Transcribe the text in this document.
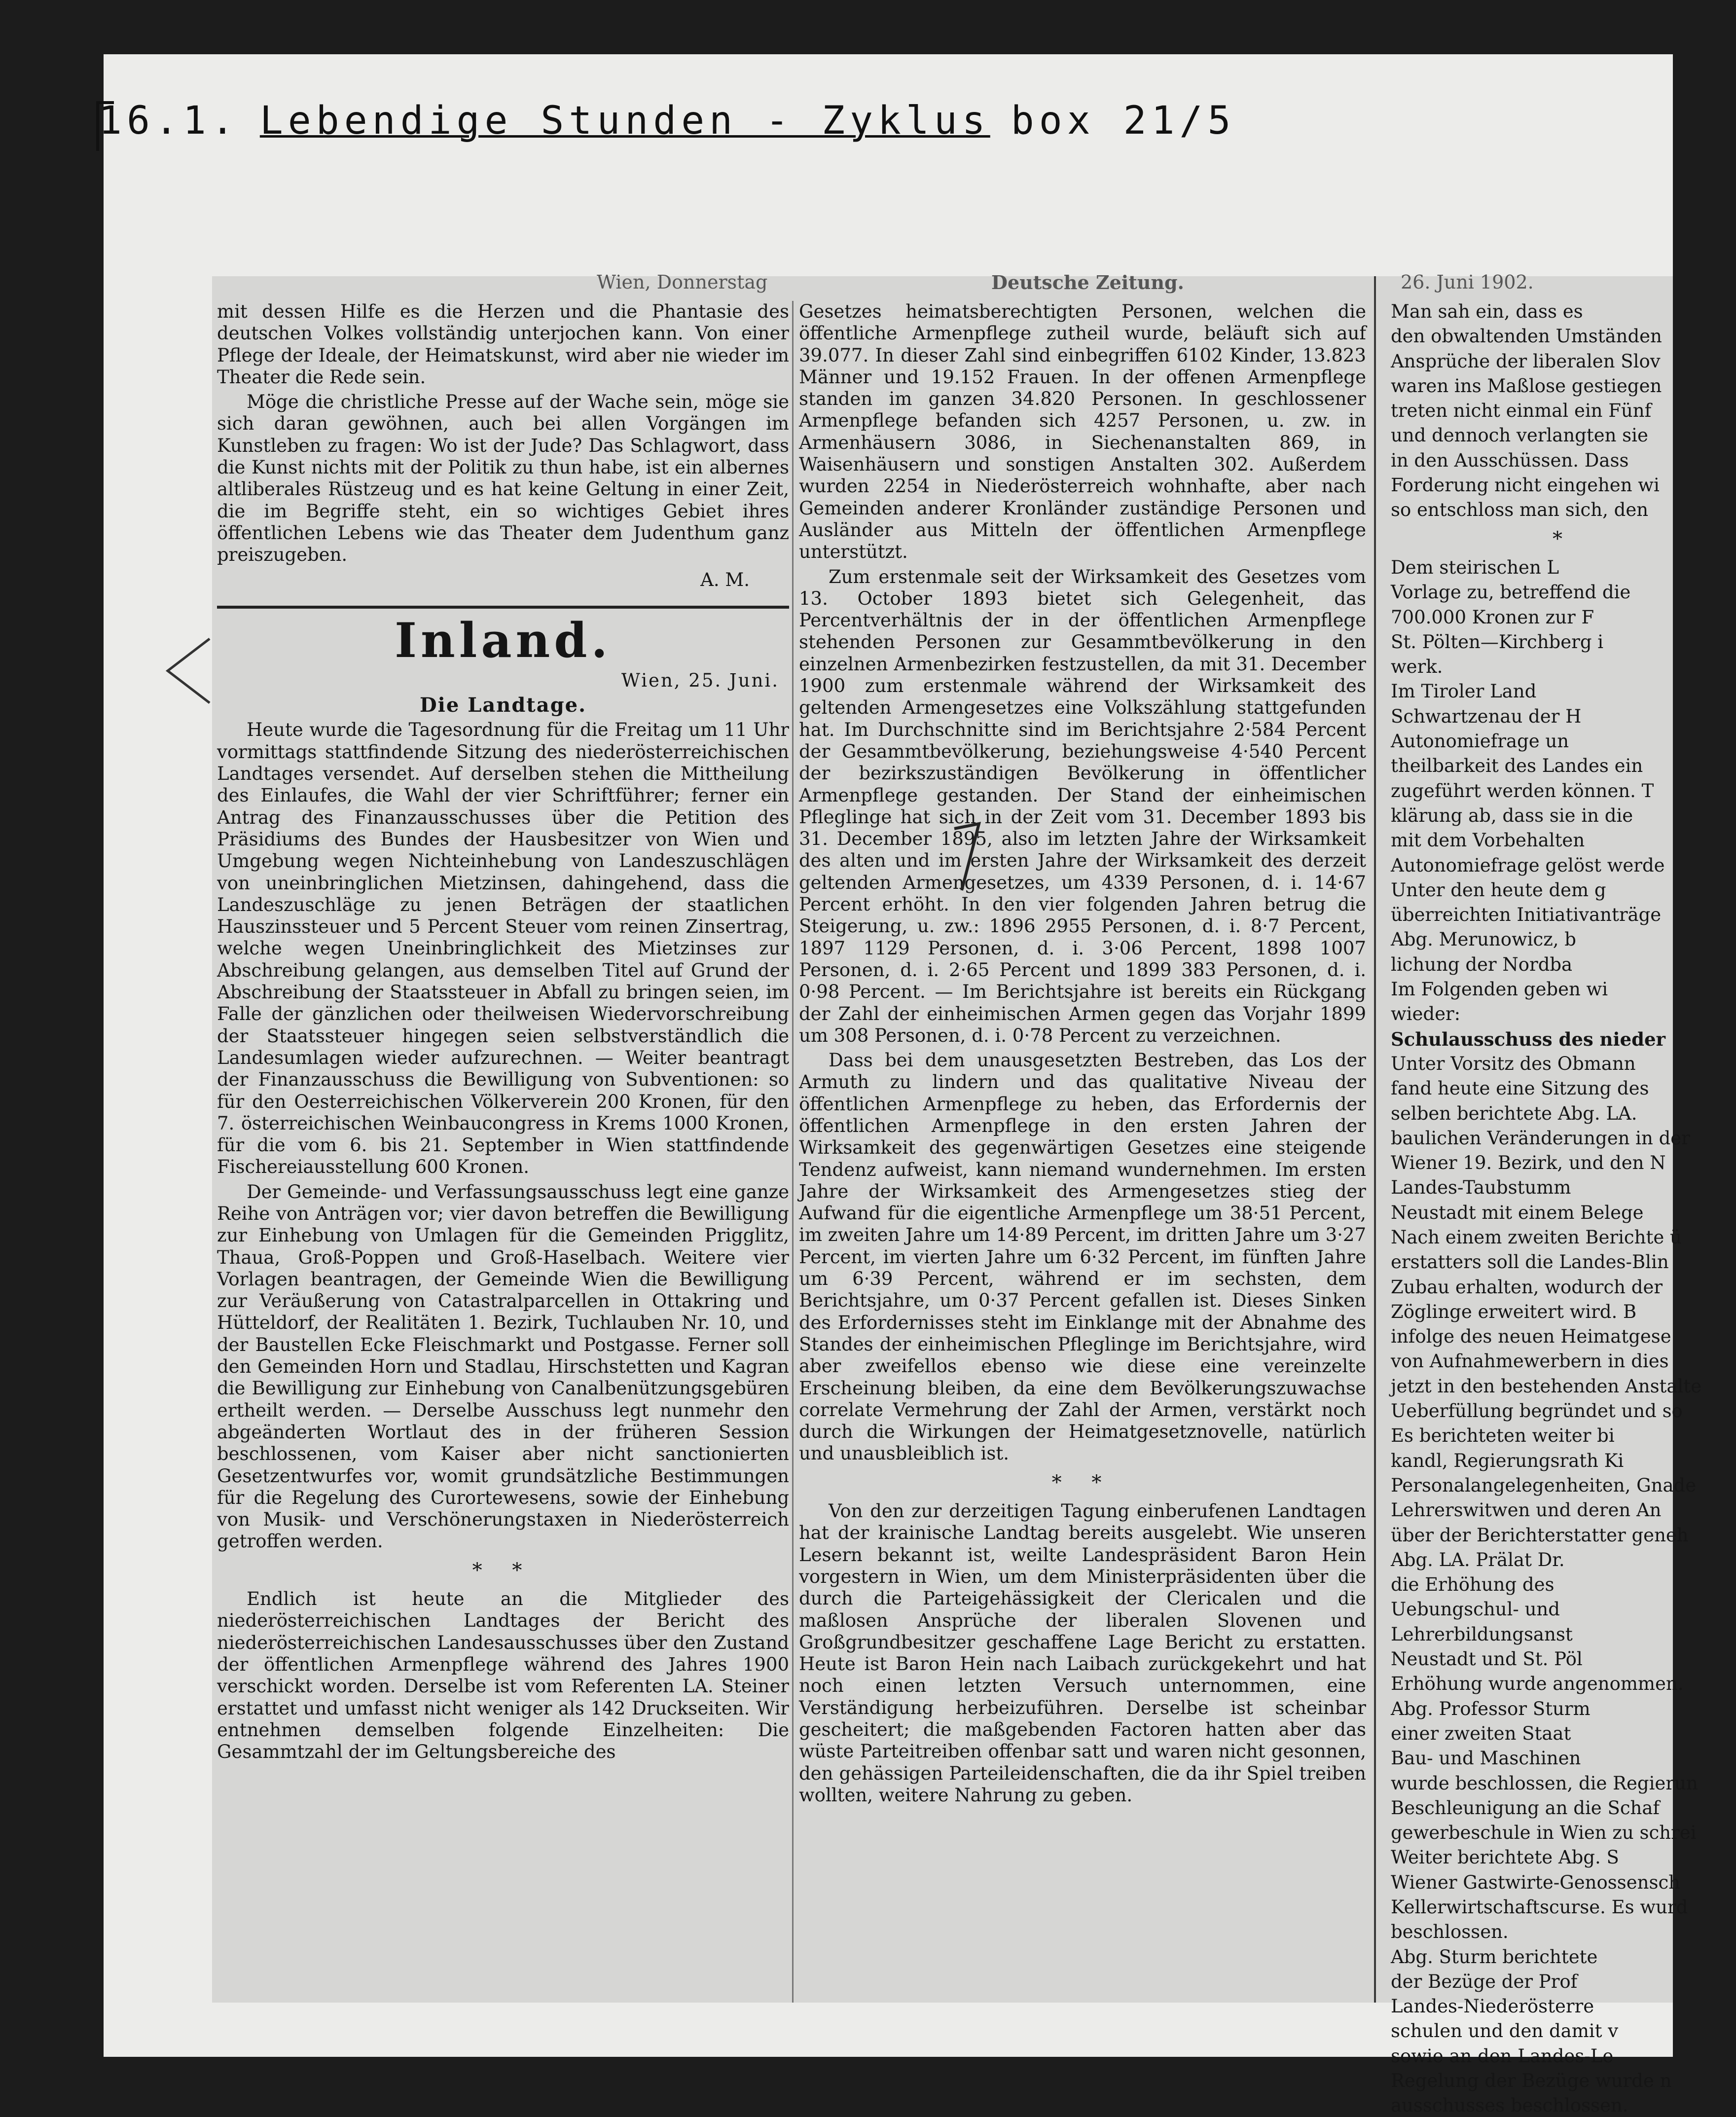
16.1. Lebendige Stunden - Zyklus box 21/5
Wien, Donnerstag	Deutsche Zeitung.	26. Juni 1902.

mit dessen Hilfe es die Herzen und die Phantasie des deutschen Volkes vollständig unterjochen kann. Von einer Pflege der Ideale, der Heimatskunst, wird aber nie wieder im Theater die Rede sein.

Möge die christliche Presse auf der Wache sein, möge sie sich daran gewöhnen, auch bei allen Vorgängen im Kunstleben zu fragen: Wo ist der Jude? Das Schlagwort, dass die Kunst nichts mit der Politik zu thun habe, ist ein albernes altliberales Rüstzeug und es hat keine Geltung in einer Zeit, die im Begriffe steht, ein so wichtiges Gebiet ihres öffentlichen Lebens wie das Theater dem Judenthum ganz preiszugeben.

A. M.

Inland.

Wien, 25. Juni.

Die Landtage.

Heute wurde die Tagesordnung für die Freitag um 11 Uhr vormittags stattfindende Sitzung des niederösterreichischen Landtages versendet. Auf derselben stehen die Mittheilung des Einlaufes, die Wahl der vier Schriftführer; ferner ein Antrag des Finanzausschusses über die Petition des Präsidiums des Bundes der Hausbesitzer von Wien und Umgebung wegen Nichteinhebung von Landeszuschlägen von uneinbringlichen Mietzinsen, dahingehend, dass die Landeszuschläge zu jenen Beträgen der staatlichen Hauszinssteuer und 5 Percent Steuer vom reinen Zinsertrag, welche wegen Uneinbringlichkeit des Mietzinses zur Abschreibung gelangen, aus demselben Titel auf Grund der Abschreibung der Staatssteuer in Abfall zu bringen seien, im Falle der gänzlichen oder theilweisen Wiedervorschreibung der Staatssteuer hingegen seien selbstverständlich die Landesumlagen wieder aufzurechnen. — Weiter beantragt der Finanzausschuss die Bewilligung von Subventionen: so für den Oesterreichischen Völkerverein 200 Kronen, für den 7. österreichischen Weinbaucongress in Krems 1000 Kronen, für die vom 6. bis 21. September in Wien stattfindende Fischereiausstellung 600 Kronen.

Der Gemeinde- und Verfassungsausschuss legt eine ganze Reihe von Anträgen vor; vier davon betreffen die Bewilligung zur Einhebung von Umlagen für die Gemeinden Prigglitz, Thaua, Groß-Poppen und Groß-Haselbach. Weitere vier Vorlagen beantragen, der Gemeinde Wien die Bewilligung zur Veräußerung von Catastralparcellen in Ottakring und Hütteldorf, der Realitäten 1. Bezirk, Tuchlauben Nr. 10, und der Baustellen Ecke Fleischmarkt und Postgasse. Ferner soll den Gemeinden Horn und Stadlau, Hirschstetten und Kagran die Bewilligung zur Einhebung von Canalbenützungsgebüren ertheilt werden. — Derselbe Ausschuss legt nunmehr den abgeänderten Wortlaut des in der früheren Session beschlossenen, vom Kaiser aber nicht sanctionierten Gesetzentwurfes vor, womit grundsätzliche Bestimmungen für die Regelung des Curortewesens, sowie der Einhebung von Musik- und Verschönerungstaxen in Niederösterreich getroffen werden.

* *

Endlich ist heute an die Mitglieder des niederösterreichischen Landtages der Bericht des niederösterreichischen Landesausschusses über den Zustand der öffentlichen Armenpflege während des Jahres 1900 verschickt worden. Derselbe ist vom Referenten LA. Steiner erstattet und umfasst nicht weniger als 142 Druckseiten. Wir entnehmen demselben folgende Einzelheiten: Die Gesammtzahl der im Geltungsbereiche des

Gesetzes heimatsberechtigten Personen, welchen die öffentliche Armenpflege zutheil wurde, beläuft sich auf 39.077. In dieser Zahl sind einbegriffen 6102 Kinder, 13.823 Männer und 19.152 Frauen. In der offenen Armenpflege standen im ganzen 34.820 Personen. In geschlossener Armenpflege befanden sich 4257 Personen, u. zw. in Armenhäusern 3086, in Siechenanstalten 869, in Waisenhäusern und sonstigen Anstalten 302. Außerdem wurden 2254 in Niederösterreich wohnhafte, aber nach Gemeinden anderer Kronländer zuständige Personen und Ausländer aus Mitteln der öffentlichen Armenpflege unterstützt.

Zum erstenmale seit der Wirksamkeit des Gesetzes vom 13. October 1893 bietet sich Gelegenheit, das Percentverhältnis der in der öffentlichen Armenpflege stehenden Personen zur Gesammtbevölkerung in den einzelnen Armenbezirken festzustellen, da mit 31. December 1900 zum erstenmale während der Wirksamkeit des geltenden Armengesetzes eine Volkszählung stattgefunden hat. Im Durchschnitte sind im Berichtsjahre 2·584 Percent der Gesammtbevölkerung, beziehungsweise 4·540 Percent der bezirkszuständigen Bevölkerung in öffentlicher Armenpflege gestanden. Der Stand der einheimischen Pfleglinge hat sich in der Zeit vom 31. December 1893 bis 31. December 1895, also im letzten Jahre der Wirksamkeit des alten und im ersten Jahre der Wirksamkeit des derzeit geltenden Armengesetzes, um 4339 Personen, d. i. 14·67 Percent erhöht. In den vier folgenden Jahren betrug die Steigerung, u. zw.: 1896 2955 Personen, d. i. 8·7 Percent, 1897 1129 Personen, d. i. 3·06 Percent, 1898 1007 Personen, d. i. 2·65 Percent und 1899 383 Personen, d. i. 0·98 Percent. — Im Berichtsjahre ist bereits ein Rückgang der Zahl der einheimischen Armen gegen das Vorjahr 1899 um 308 Personen, d. i. 0·78 Percent zu verzeichnen.

Dass bei dem unausgesetzten Bestreben, das Los der Armuth zu lindern und das qualitative Niveau der öffentlichen Armenpflege zu heben, das Erfordernis der öffentlichen Armenpflege in den ersten Jahren der Wirksamkeit des gegenwärtigen Gesetzes eine steigende Tendenz aufweist, kann niemand wundernehmen. Im ersten Jahre der Wirksamkeit des Armengesetzes stieg der Aufwand für die eigentliche Armenpflege um 38·51 Percent, im zweiten Jahre um 14·89 Percent, im dritten Jahre um 3·27 Percent, im vierten Jahre um 6·32 Percent, im fünften Jahre um 6·39 Percent, während er im sechsten, dem Berichtsjahre, um 0·37 Percent gefallen ist. Dieses Sinken des Erfordernisses steht im Einklange mit der Abnahme des Standes der einheimischen Pfleglinge im Berichtsjahre, wird aber zweifellos ebenso wie diese eine vereinzelte Erscheinung bleiben, da eine dem Bevölkerungszuwachse correlate Vermehrung der Zahl der Armen, verstärkt noch durch die Wirkungen der Heimatgesetznovelle, natürlich und unausbleiblich ist.

* *

Von den zur derzeitigen Tagung einberufenen Landtagen hat der krainische Landtag bereits ausgelebt. Wie unseren Lesern bekannt ist, weilte Landespräsident Baron Hein vorgestern in Wien, um dem Ministerpräsidenten über die durch die Parteigehässigkeit der Clericalen und die maßlosen Ansprüche der liberalen Slovenen und Großgrundbesitzer geschaffene Lage Bericht zu erstatten. Heute ist Baron Hein nach Laibach zurückgekehrt und hat noch einen letzten Versuch unternommen, eine Verständigung herbeizuführen. Derselbe ist scheinbar gescheitert; die maßgebenden Factoren hatten aber das wüste Parteitreiben offenbar satt und waren nicht gesonnen, den gehässigen Parteileidenschaften, die da ihr Spiel treiben wollten, weitere Nahrung zu geben.

Man sah ein, dass es

den obwaltenden Umständen

Ansprüche der liberalen Slov

waren ins Maßlose gestiegen

treten nicht einmal ein Fünf

und dennoch verlangten sie

in den Ausschüssen. Dass

Forderung nicht eingehen wi

so entschloss man sich, den

*

Dem steirischen L

Vorlage zu, betreffend die

700.000 Kronen zur F

St. Pölten—Kirchberg i

werk.

Im Tiroler Land

Schwartzenau der H

Autonomiefrage un

theilbarkeit des Landes ein

zugeführt werden können. T

klärung ab, dass sie in die

mit dem Vorbehalten

Autonomiefrage gelöst werde

Unter den heute dem g

überreichten Initiativanträge

Abg. Merunowicz, b

lichung der Nordba

Im Folgenden geben wi

wieder:

Schulausschuss des nieder

Unter Vorsitz des Obmann

fand heute eine Sitzung des

selben berichtete Abg. LA.

baulichen Veränderungen in der

Wiener 19. Bezirk, und den N

Landes-Taubstumm

Neustadt mit einem Belege

Nach einem zweiten Berichte ü

erstatters soll die Landes-Blin

Zubau erhalten, wodurch der

Zöglinge erweitert wird. B

infolge des neuen Heimatgese

von Aufnahmewerbern in dies

jetzt in den bestehenden Anstalte

Ueberfüllung begründet und so

Es berichteten weiter bi

kandl, Regierungsrath Ki

Personalangelegenheiten, Gnade

Lehrerswitwen und deren An

über der Berichterstatter geneh

Abg. LA. Prälat Dr.

die Erhöhung des

Uebungschul- und

Lehrerbildungsanst

Neustadt und St. Pöl

Erhöhung wurde angenommen.

Abg. Professor Sturm

einer zweiten Staat

Bau- und Maschinen

wurde beschlossen, die Regierun

Beschleunigung an die Schaf

gewerbeschule in Wien zu schrei

Weiter berichtete Abg. S

Wiener Gastwirte-Genossensch

Kellerwirtschaftscurse. Es wurd

beschlossen.

Abg. Sturm berichtete

der Bezüge der Prof

Landes-Niederösterre

schulen und den damit v

sowie an den Landes-Le

Regelung der Bezüge wurde n

ausschusses beschlossen.
